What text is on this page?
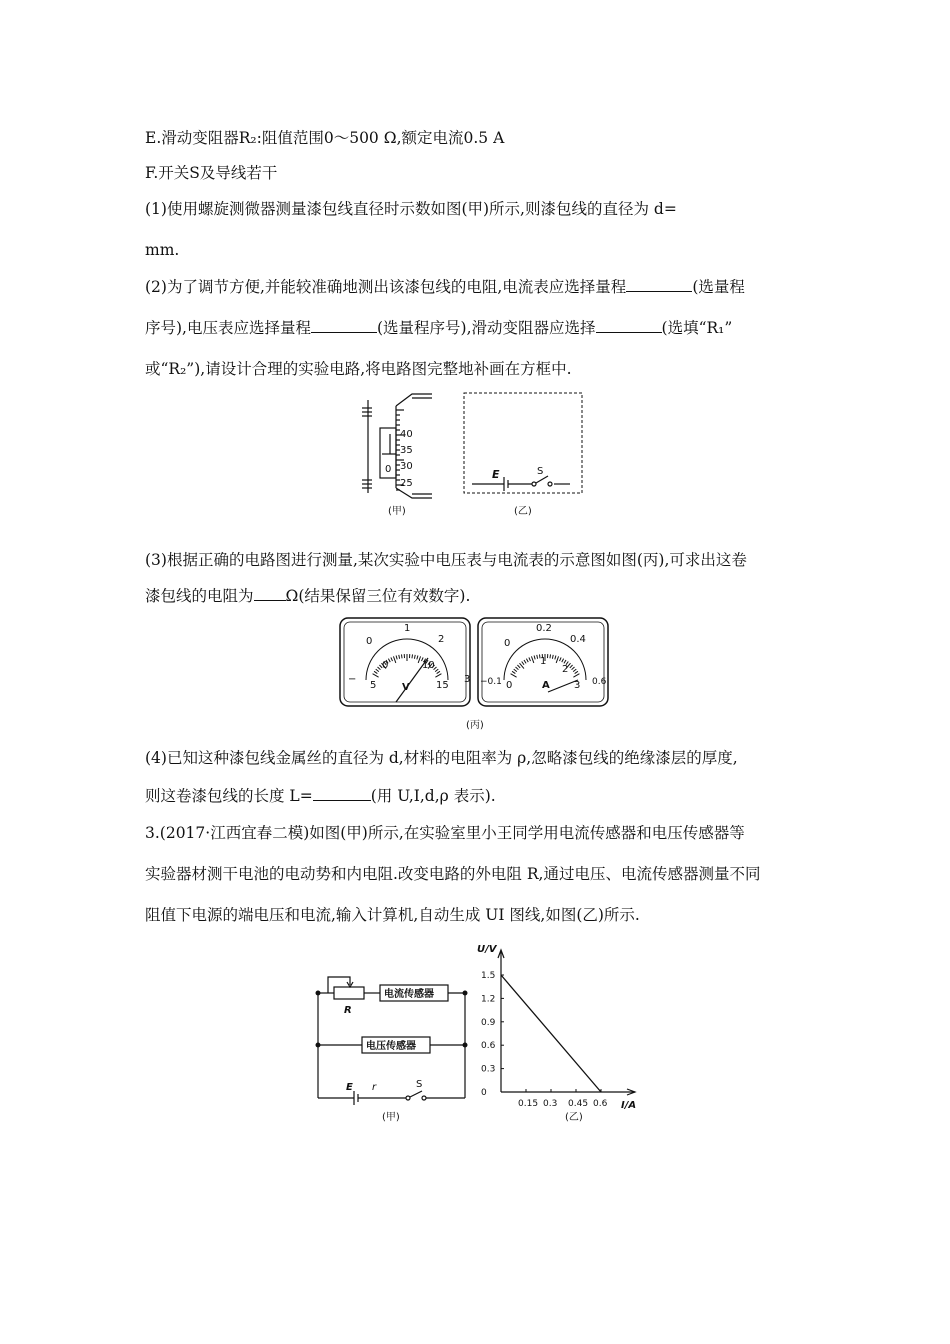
E.滑动变阻器R₂:阻值范围0～500 Ω,额定电流0.5 A
F.开关S及导线若干
(1)使用螺旋测微器测量漆包线直径时示数如图(甲)所示,则漆包线的直径为 d=
mm.
(2)为了调节方便,并能较准确地测出该漆包线的电阻,电流表应选择量程	(选量程
序号),电压表应选择量程	(选量程序号),滑动变阻器应选择	(选填“R₁”
或“R₂”),请设计合理的实验电路,将电路图完整地补画在方框中.
40
35
30
25
0	E	S
(甲)	(乙)
(3)根据正确的电路图进行测量,某次实验中电压表与电流表的示意图如图(丙),可求出这卷
漆包线的电阻为 Ω(结果保留三位有效数字).
0
1
2
3
5
0	10
15
−
V
0
0.2
0.4
0.6
0
1
2
3
−0.1	A
(丙)
(4)已知这种漆包线金属丝的直径为 d,材料的电阻率为 ρ,忽略漆包线的绝缘漆层的厚度,
则这卷漆包线的长度 L=	(用 U,I,d,ρ 表示).
3.(2017·江西宜春二模)如图(甲)所示,在实验室里小王同学用电流传感器和电压传感器等
实验器材测干电池的电动势和内电阻.改变电路的外电阻 R,通过电压、电流传感器测量不同
阻值下电源的端电压和电流,输入计算机,自动生成 UI 图线,如图(乙)所示.
电流传感器
电压传感器
R
E r	S
(甲)
0.15 0.3 0.45 0.6
1.5
1.2
0.9
0.6
0.3
0
U/V
I/A
(乙)
